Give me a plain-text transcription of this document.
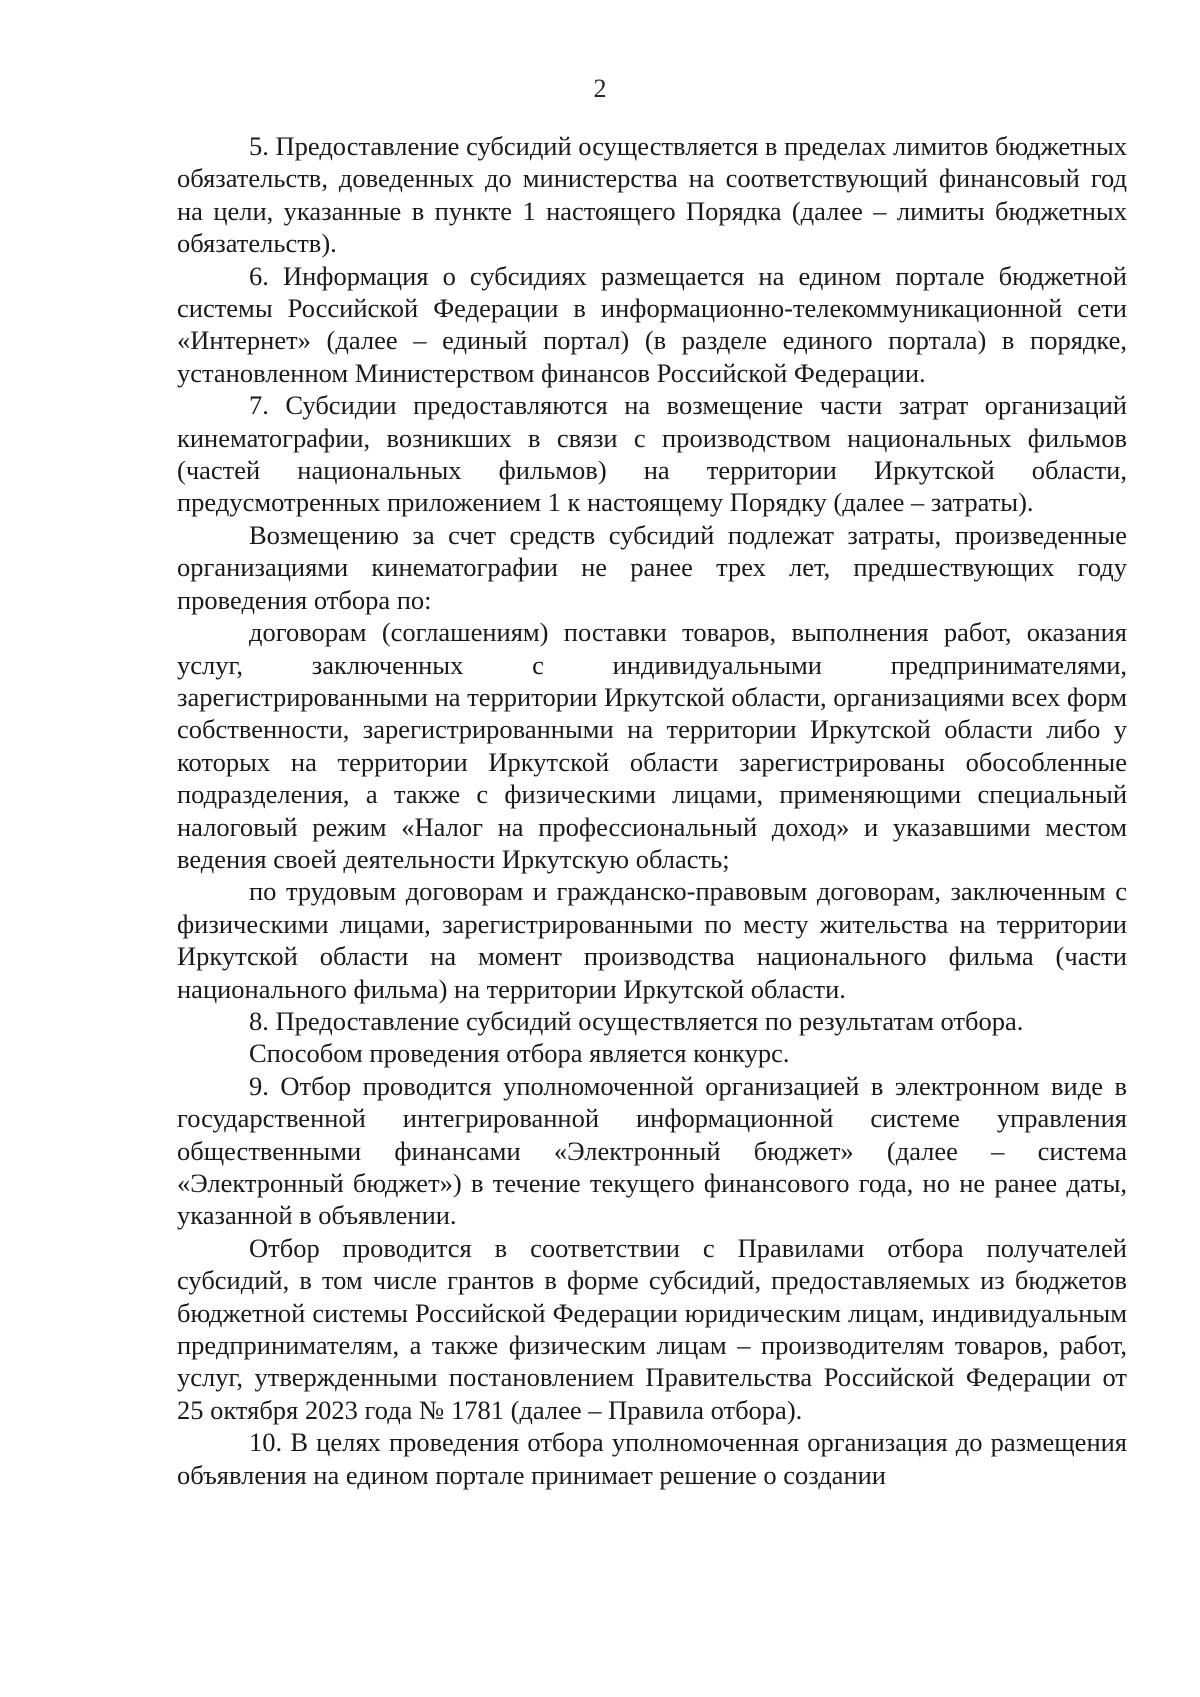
2

5. Предоставление субсидий осуществляется в пределах лимитов бюджетных обязательств, доведенных до министерства на соответствующий финансовый год на цели, указанные в пункте 1 настоящего Порядка (далее – лимиты бюджетных обязательств).

6. Информация о субсидиях размещается на едином портале бюджетной системы Российской Федерации в информационно-телекоммуникационной сети «Интернет» (далее – единый портал) (в разделе единого портала) в порядке, установленном Министерством финансов Российской Федерации.

7. Субсидии предоставляются на возмещение части затрат организаций кинематографии, возникших в связи с производством национальных фильмов (частей национальных фильмов) на территории Иркутской области, предусмотренных приложением 1 к настоящему Порядку (далее – затраты).

Возмещению за счет средств субсидий подлежат затраты, произведенные организациями кинематографии не ранее трех лет, предшествующих году проведения отбора по:

договорам (соглашениям) поставки товаров, выполнения работ, оказания услуг, заключенных с индивидуальными предпринимателями, зарегистрированными на территории Иркутской области, организациями всех форм собственности, зарегистрированными на территории Иркутской области либо у которых на территории Иркутской области зарегистрированы обособленные подразделения, а также с физическими лицами, применяющими специальный налоговый режим «Налог на профессиональный доход» и указавшими местом ведения своей деятельности Иркутскую область;

по трудовым договорам и гражданско-правовым договорам, заключенным с физическими лицами, зарегистрированными по месту жительства на территории Иркутской области на момент производства национального фильма (части национального фильма) на территории Иркутской области.

8. Предоставление субсидий осуществляется по результатам отбора.

Способом проведения отбора является конкурс.

9. Отбор проводится уполномоченной организацией в электронном виде в государственной интегрированной информационной системе управления общественными финансами «Электронный бюджет» (далее – система «Электронный бюджет») в течение текущего финансового года, но не ранее даты, указанной в объявлении.

Отбор проводится в соответствии с Правилами отбора получателей субсидий, в том числе грантов в форме субсидий, предоставляемых из бюджетов бюджетной системы Российской Федерации юридическим лицам, индивидуальным предпринимателям, а также физическим лицам – производителям товаров, работ, услуг, утвержденными постановлением Правительства Российской Федерации от 25 октября 2023 года № 1781 (далее – Правила отбора).

10. В целях проведения отбора уполномоченная организация до размещения объявления на едином портале принимает решение о создании
